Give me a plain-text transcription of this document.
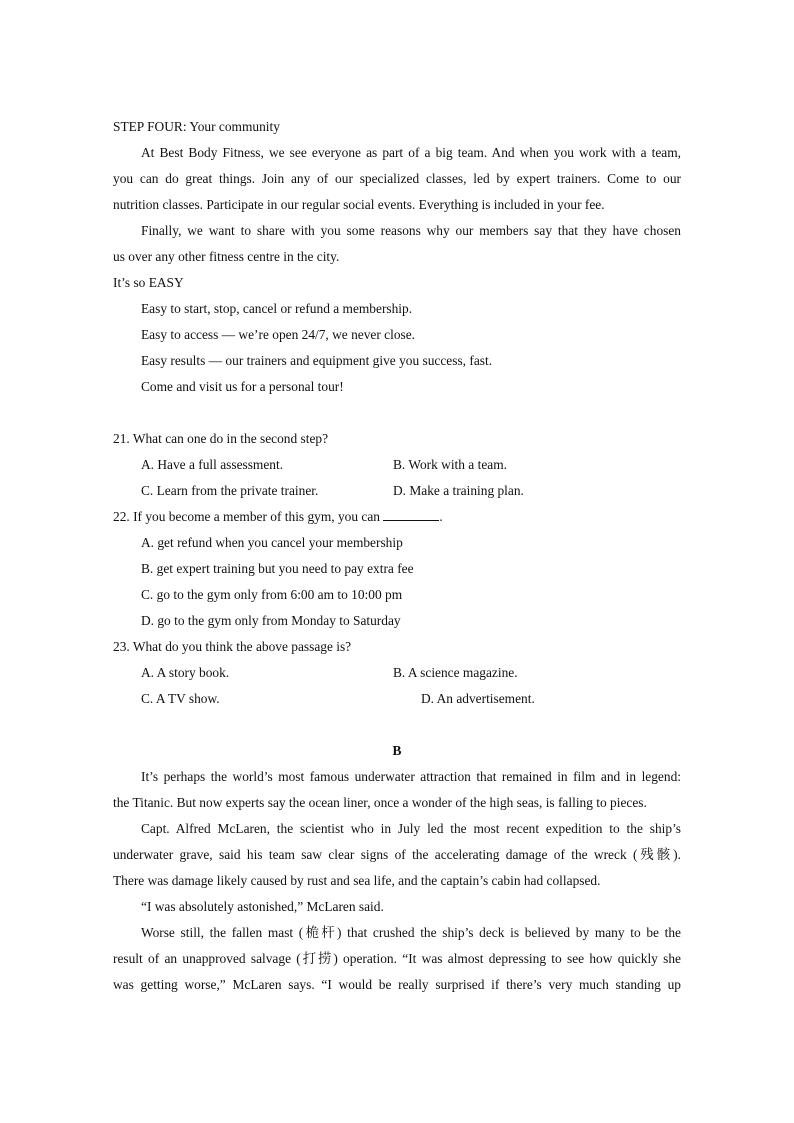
STEP FOUR: Your community
At Best Body Fitness, we see everyone as part of a big team. And when you work with a team,
you can do great things. Join any of our specialized classes, led by expert trainers. Come to our
nutrition classes. Participate in our regular social events. Everything is included in your fee.
Finally, we want to share with you some reasons why our members say that they have chosen
us over any other fitness centre in the city.
It’s so EASY
Easy to start, stop, cancel or refund a membership.
Easy to access — we’re open 24/7, we never close.
Easy results — our trainers and equipment give you success, fast.
Come and visit us for a personal tour!
21. What can one do in the second step?
A. Have a full assessment.	B. Work with a team.
C. Learn from the private trainer.	D. Make a training plan.
22. If you become a member of this gym, you can	.
A. get refund when you cancel your membership
B. get expert training but you need to pay extra fee
C. go to the gym only from 6:00 am to 10:00 pm
D. go to the gym only from Monday to Saturday
23. What do you think the above passage is?
A. A story book.	B. A science magazine.
C. A TV show.	D. An advertisement.
B
It’s perhaps the world’s most famous underwater attraction that remained in film and in legend:
the Titanic. But now experts say the ocean liner, once a wonder of the high seas, is falling to pieces.
Capt. Alfred McLaren, the scientist who in July led the most recent expedition to the ship’s
underwater grave, said his team saw clear signs of the accelerating damage of the wreck (残骸).
There was damage likely caused by rust and sea life, and the captain’s cabin had collapsed.
“I was absolutely astonished,” McLaren said.
Worse still, the fallen mast (桅杆) that crushed the ship’s deck is believed by many to be the
result of an unapproved salvage (打捞) operation. “It was almost depressing to see how quickly she
was getting worse,” McLaren says. “I would be really surprised if there’s very much standing up
